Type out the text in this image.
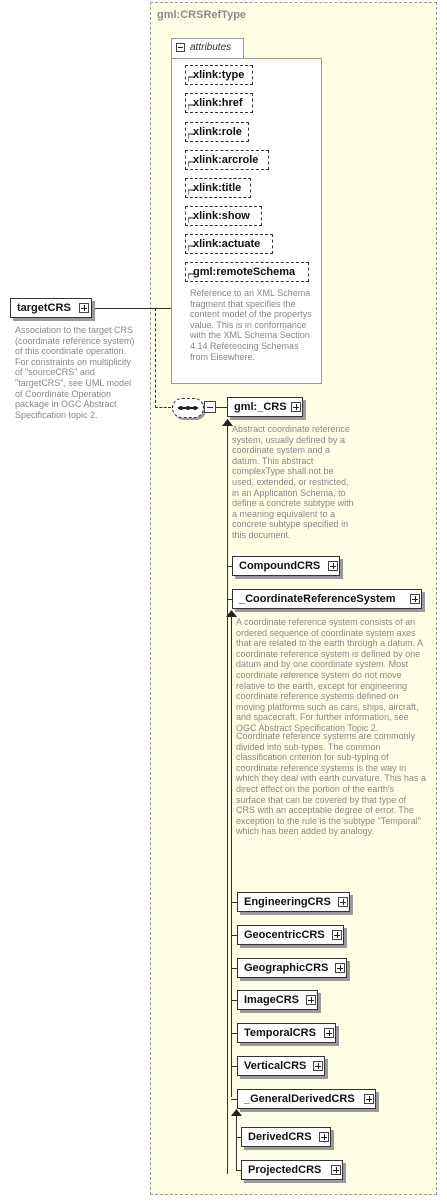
gml:CRSRefType
targetCRS
Association to the target CRS (coordinate reference system) of this coordinate operation. For constraints on multiplicity of "sourceCRS" and "targetCRS", see UML model of Coordinate Operation package in OGC Abstract Specification topic 2.
attributes
xlink:type
xlink:href
xlink:role
xlink:arcrole
xlink:title
xlink:show
xlink:actuate
gml:remoteSchema
Reference to an XML Schema fragment that specifies the content model of the propertys value. This is in conformance with the XML Schema Section 4.14 Referencing Schemas from Elsewhere.
gml:_CRS
Abstract coordinate reference system, usually defined by a coordinate system and a datum. This abstract complexType shall not be used, extended, or restricted, in an Application Schema, to define a concrete subtype with a meaning equivalent to a concrete subtype specified in this document.
CompoundCRS
_CoordinateReferenceSystem
A coordinate reference system consists of an ordered sequence of coordinate system axes that are related to the earth through a datum. A coordinate reference system is defined by one datum and by one coordinate system. Most coordinate reference system do not move relative to the earth, except for engineering coordinate reference systems defined on moving platforms such as cars, ships, aircraft, and spacecraft. For further information, see OGC Abstract Specification Topic 2.
Coordinate reference systems are commonly divided into sub-types. The common classification criterion for sub-typing of coordinate reference systems is the way in which they deal with earth curvature. This has a direct effect on the portion of the earth's surface that can be covered by that type of CRS with an acceptable degree of error. The exception to the rule is the subtype "Temporal" which has been added by analogy.
EngineeringCRS
GeocentricCRS
GeographicCRS
ImageCRS
TemporalCRS
VerticalCRS
_GeneralDerivedCRS
DerivedCRS
ProjectedCRS
